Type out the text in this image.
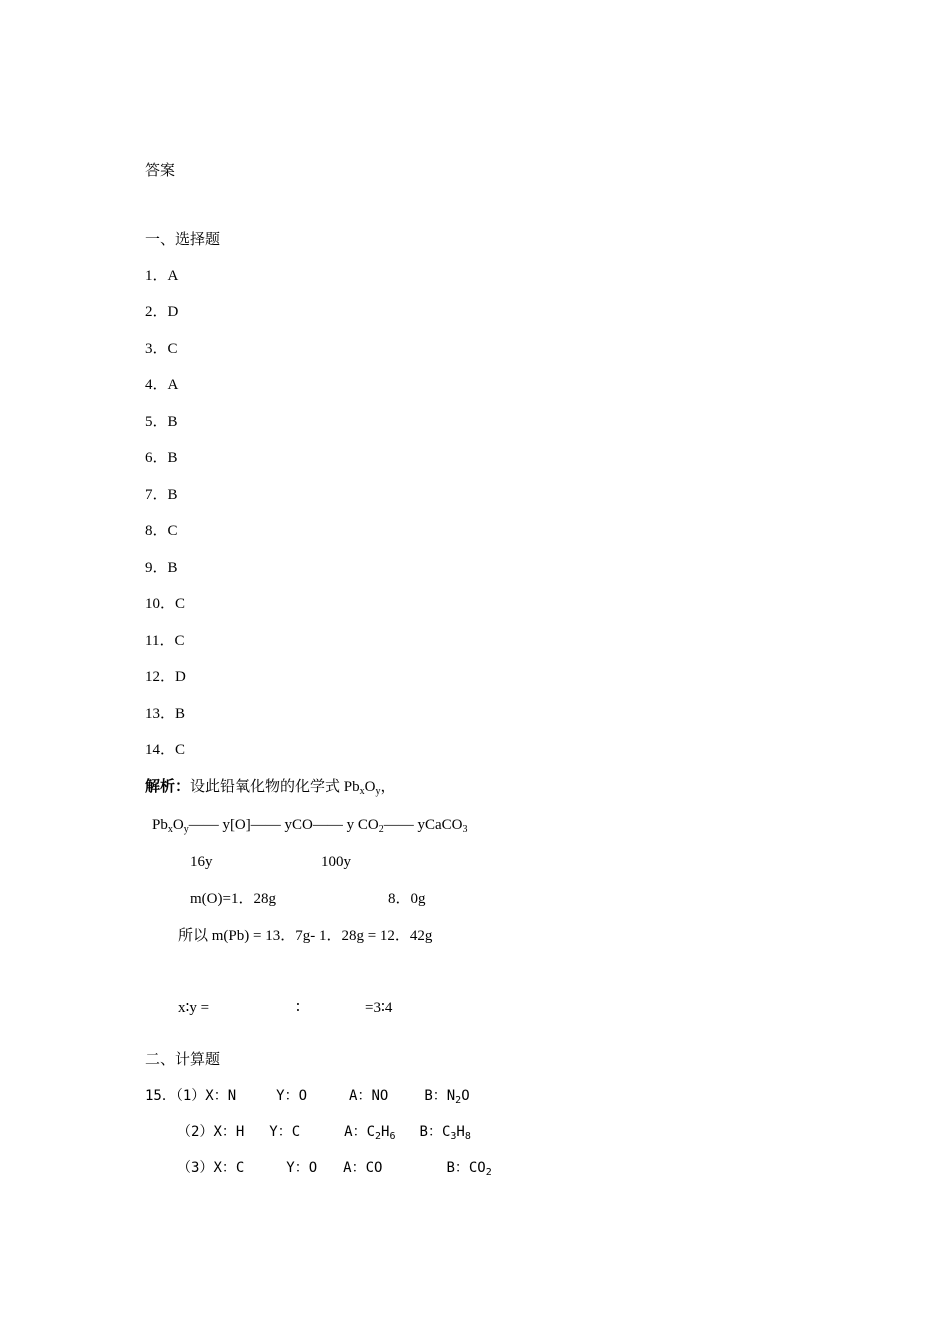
答案
一、选择题
1．A
2．D
3．C
4．A
5．B
6．B
7．B
8．C
9．B
10．C
11．C
12．D
13．B
14．C
解析：设此铅氧化物的化学式 $Pb_xO_y$，
$Pb_xO_y——$ y[O]—— yCO—— y $CO_2——$ yCaCO$_3$
16y	100y
m(O)=1．28g	8．0g
所以 m(Pb) = 13．7g- 1．28g = 12．42g
x∶y =	∶	=3∶4
二、计算题
15．（1）X：N	Y：O	A：NO	B：$N_2O$
（2）X：H Y：C	A：$C_2H_6$ B：$C_3H_8$
（3）X：C	Y：O A：CO	B：$CO_2$
